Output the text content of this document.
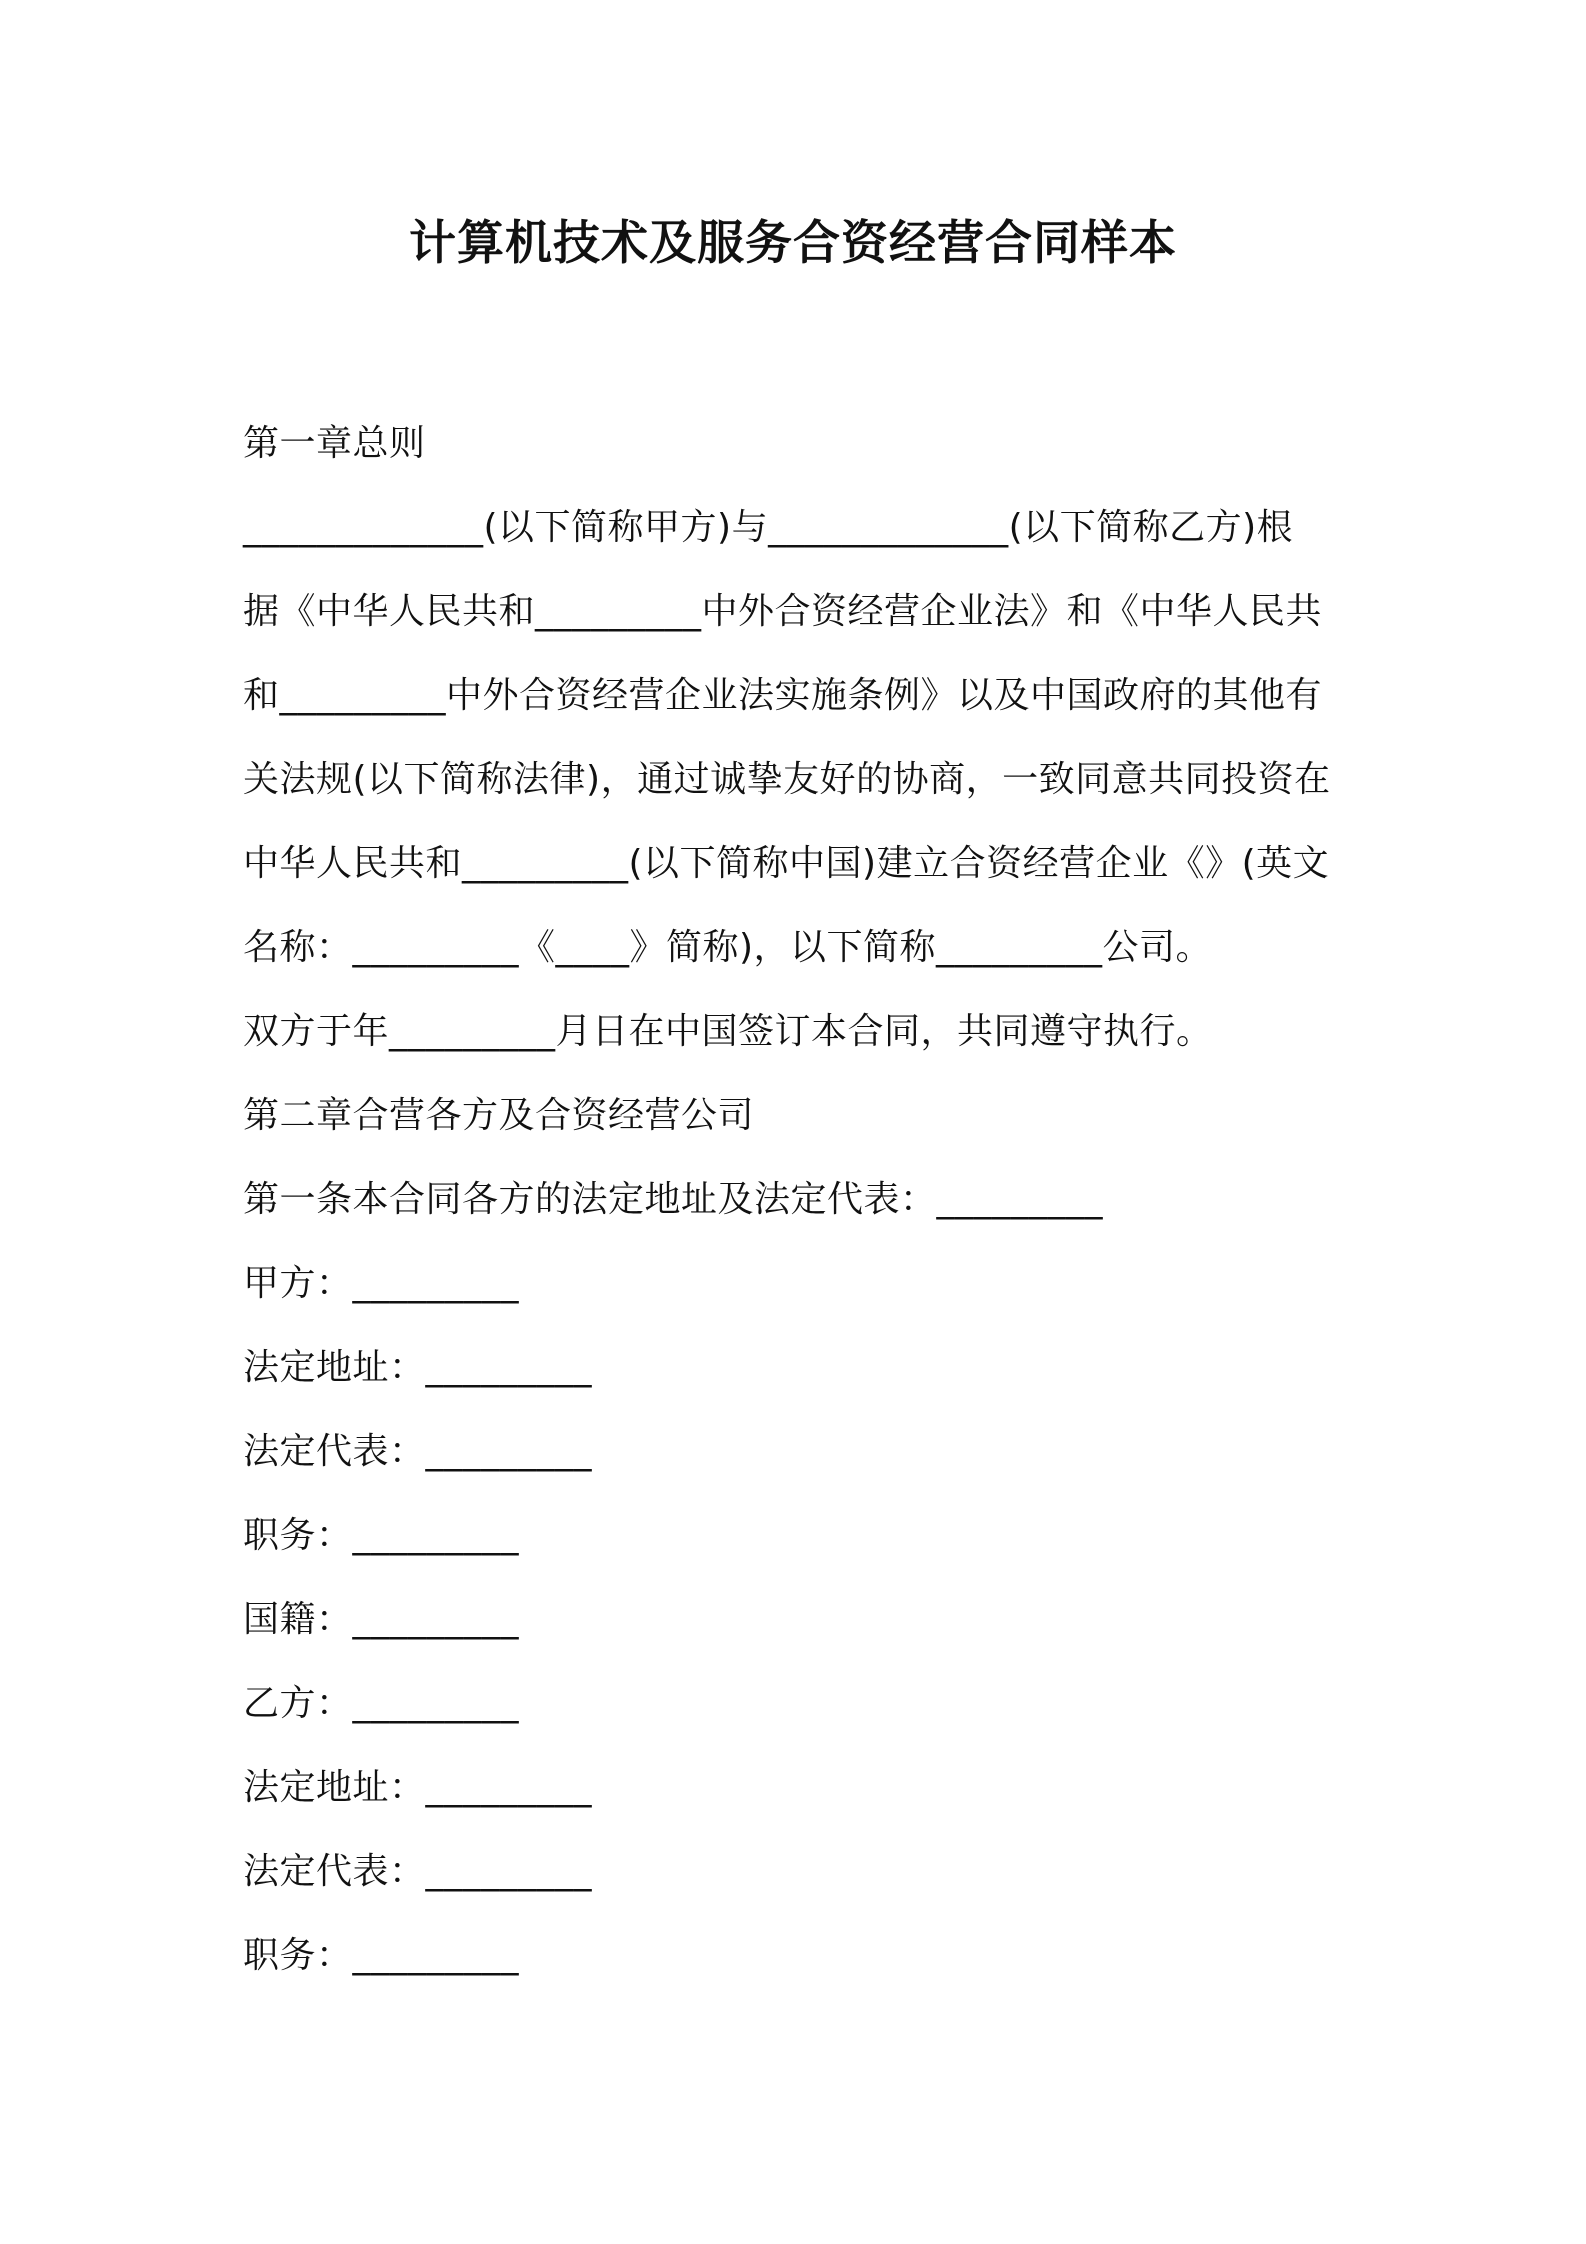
计算机技术及服务合资经营合同样本
第一章总则
_____________(以下简称甲方)与_____________(以下简称乙方)根
据《中华人民共和_________中外合资经营企业法》和《中华人民共
和_________中外合资经营企业法实施条例》以及中国政府的其他有
关法规(以下简称法律)，通过诚挚友好的协商，一致同意共同投资在
中华人民共和_________(以下简称中国)建立合资经营企业《》(英文
名称：_________《____》简称)，以下简称_________公司。
双方于年_________月日在中国签订本合同，共同遵守执行。
第二章合营各方及合资经营公司
第一条本合同各方的法定地址及法定代表：_________
甲方：_________
法定地址：_________
法定代表：_________
职务：_________
国籍：_________
乙方：_________
法定地址：_________
法定代表：_________
职务：_________
